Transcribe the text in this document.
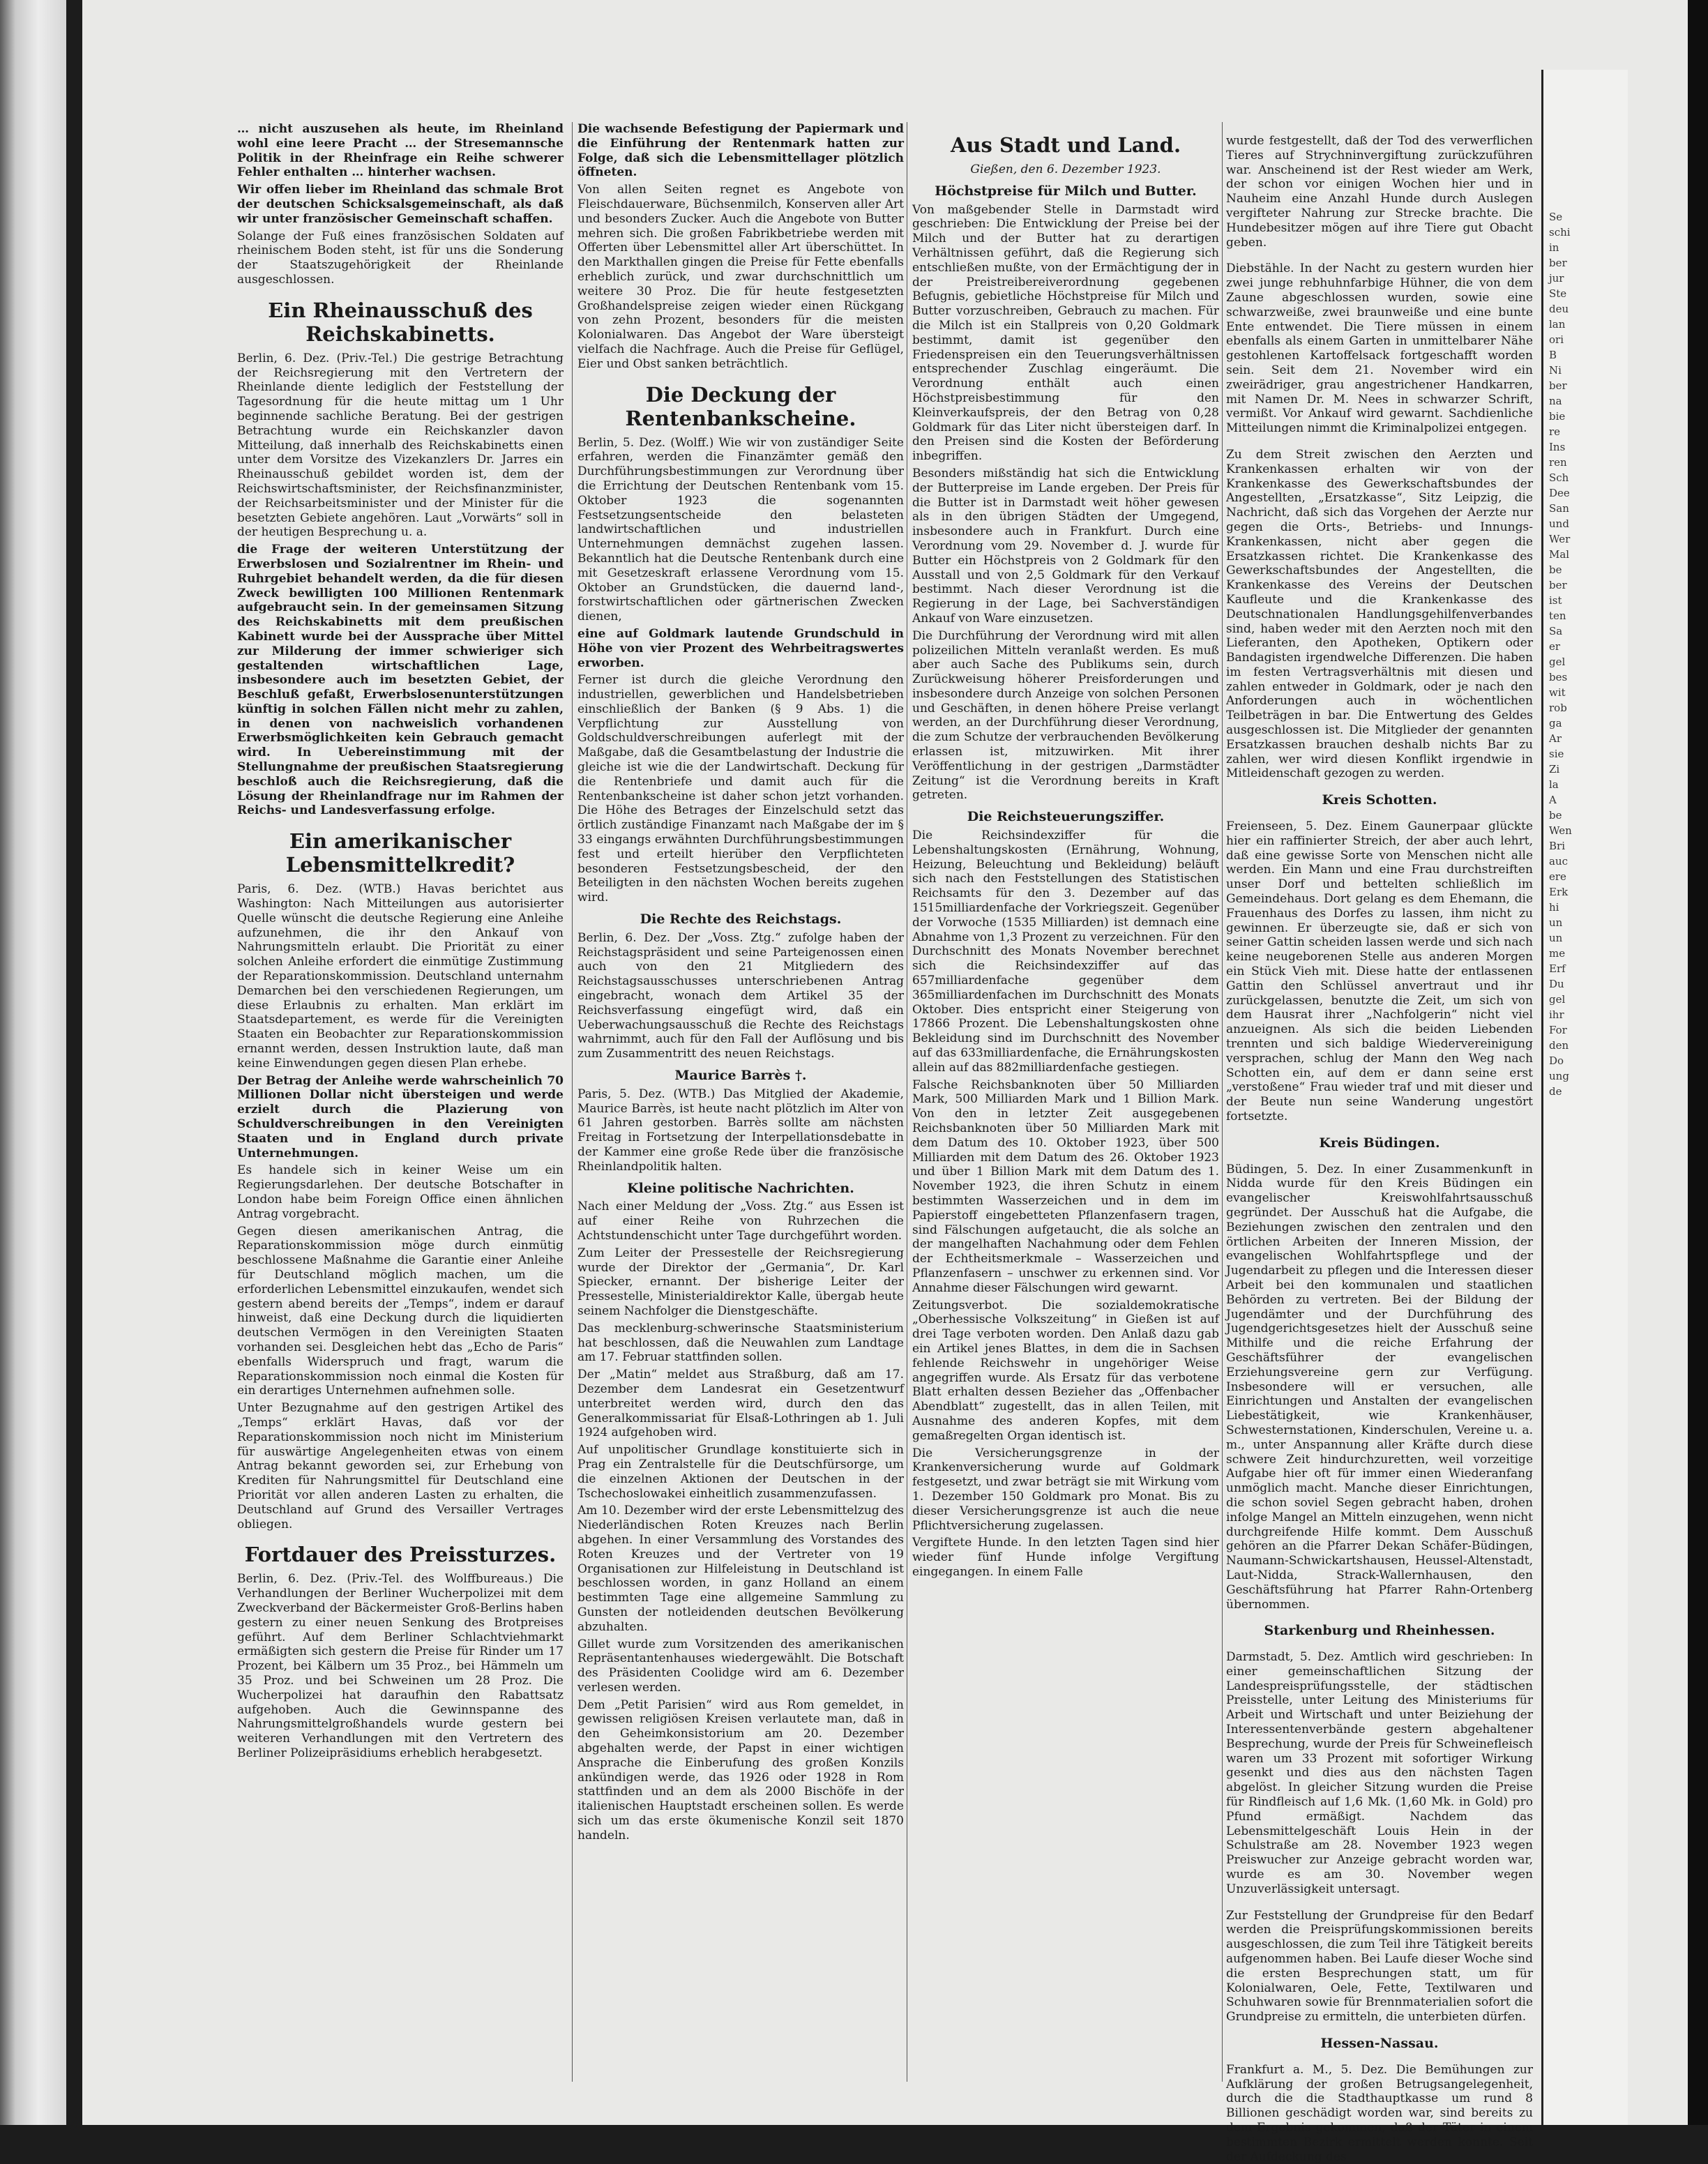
… nicht auszusehen als heute, im Rheinland wohl eine leere Pracht … der Stresemannsche Politik in der Rheinfrage ein Reihe schwerer Fehler enthalten … hinterher wachsen.

Wir offen lieber im Rheinland das schmale Brot der deutschen Schicksalsgemeinschaft, als daß wir unter französischer Gemeinschaft schaffen.

Solange der Fuß eines französischen Soldaten auf rheinischem Boden steht, ist für uns die Sonderung der Staatszugehörigkeit der Rheinlande ausgeschlossen.

Ein Rheinausschuß des Reichskabinetts.

Berlin, 6. Dez. (Priv.-Tel.) Die gestrige Betrachtung der Reichsregierung mit den Vertretern der Rheinlande diente lediglich der Feststellung der Tagesordnung für die heute mittag um 1 Uhr beginnende sachliche Beratung. Bei der gestrigen Betrachtung wurde ein Reichskanzler davon Mitteilung, daß innerhalb des Reichskabinetts einen unter dem Vorsitze des Vizekanzlers Dr. Jarres ein Rheinausschuß gebildet worden ist, dem der Reichswirtschaftsminister, der Reichsfinanzminister, der Reichsarbeitsminister und der Minister für die besetzten Gebiete angehören. Laut „Vorwärts“ soll in der heutigen Besprechung u. a.

die Frage der weiteren Unterstützung der Erwerbslosen und Sozialrentner im Rhein- und Ruhrgebiet behandelt werden, da die für diesen Zweck bewilligten 100 Millionen Rentenmark aufgebraucht sein. In der gemeinsamen Sitzung des Reichskabinetts mit dem preußischen Kabinett wurde bei der Aussprache über Mittel zur Milderung der immer schwieriger sich gestaltenden wirtschaftlichen Lage, insbesondere auch im besetzten Gebiet, der Beschluß gefaßt, Erwerbslosenunterstützungen künftig in solchen Fällen nicht mehr zu zahlen, in denen von nachweislich vorhandenen Erwerbsmöglichkeiten kein Gebrauch gemacht wird. In Uebereinstimmung mit der Stellungnahme der preußischen Staatsregierung beschloß auch die Reichsregierung, daß die Lösung der Rheinlandfrage nur im Rahmen der Reichs- und Landesverfassung erfolge.

Ein amerikanischer Lebensmittelkredit?

Paris, 6. Dez. (WTB.) Havas berichtet aus Washington: Nach Mitteilungen aus autorisierter Quelle wünscht die deutsche Regierung eine Anleihe aufzunehmen, die ihr den Ankauf von Nahrungsmitteln erlaubt. Die Priorität zu einer solchen Anleihe erfordert die einmütige Zustimmung der Reparationskommission. Deutschland unternahm Demarchen bei den verschiedenen Regierungen, um diese Erlaubnis zu erhalten. Man erklärt im Staatsdepartement, es werde für die Vereinigten Staaten ein Beobachter zur Reparationskommission ernannt werden, dessen Instruktion laute, daß man keine Einwendungen gegen diesen Plan erhebe.

Der Betrag der Anleihe werde wahrscheinlich 70 Millionen Dollar nicht übersteigen und werde erzielt durch die Plazierung von Schuldverschreibungen in den Vereinigten Staaten und in England durch private Unternehmungen.

Es handele sich in keiner Weise um ein Regierungsdarlehen. Der deutsche Botschafter in London habe beim Foreign Office einen ähnlichen Antrag vorgebracht.

Gegen diesen amerikanischen Antrag, die Reparationskommission möge durch einmütig beschlossene Maßnahme die Garantie einer Anleihe für Deutschland möglich machen, um die erforderlichen Lebensmittel einzukaufen, wendet sich gestern abend bereits der „Temps“, indem er darauf hinweist, daß eine Deckung durch die liquidierten deutschen Vermögen in den Vereinigten Staaten vorhanden sei. Desgleichen hebt das „Echo de Paris“ ebenfalls Widerspruch und fragt, warum die Reparationskommission noch einmal die Kosten für ein derartiges Unternehmen aufnehmen solle.

Unter Bezugnahme auf den gestrigen Artikel des „Temps“ erklärt Havas, daß vor der Reparationskommission noch nicht im Ministerium für auswärtige Angelegenheiten etwas von einem Antrag bekannt geworden sei, zur Erhebung von Krediten für Nahrungsmittel für Deutschland eine Priorität vor allen anderen Lasten zu erhalten, die Deutschland auf Grund des Versailler Vertrages obliegen.

Fortdauer des Preissturzes.

Berlin, 6. Dez. (Priv.-Tel. des Wolffbureaus.) Die Verhandlungen der Berliner Wucherpolizei mit dem Zweckverband der Bäckermeister Groß-Berlins haben gestern zu einer neuen Senkung des Brotpreises geführt. Auf dem Berliner Schlachtviehmarkt ermäßigten sich gestern die Preise für Rinder um 17 Prozent, bei Kälbern um 35 Proz., bei Hämmeln um 35 Proz. und bei Schweinen um 28 Proz. Die Wucherpolizei hat daraufhin den Rabattsatz aufgehoben. Auch die Gewinnspanne des Nahrungsmittelgroßhandels wurde gestern bei weiteren Verhandlungen mit den Vertretern des Berliner Polizeipräsidiums erheblich herabgesetzt.

Die wachsende Befestigung der Papiermark und die Einführung der Rentenmark hatten zur Folge, daß sich die Lebensmittellager plötzlich öffneten.

Von allen Seiten regnet es Angebote von Fleischdauerware, Büchsenmilch, Konserven aller Art und besonders Zucker. Auch die Angebote von Butter mehren sich. Die großen Fabrikbetriebe werden mit Offerten über Lebensmittel aller Art überschüttet. In den Markthallen gingen die Preise für Fette ebenfalls erheblich zurück, und zwar durchschnittlich um weitere 30 Proz. Die für heute festgesetzten Großhandelspreise zeigen wieder einen Rückgang von zehn Prozent, besonders für die meisten Kolonialwaren. Das Angebot der Ware übersteigt vielfach die Nachfrage. Auch die Preise für Geflügel, Eier und Obst sanken beträchtlich.

Die Deckung der Rentenbankscheine.

Berlin, 5. Dez. (Wolff.) Wie wir von zuständiger Seite erfahren, werden die Finanzämter gemäß den Durchführungsbestimmungen zur Verordnung über die Errichtung der Deutschen Rentenbank vom 15. Oktober 1923 die sogenannten Festsetzungsentscheide den belasteten landwirtschaftlichen und industriellen Unternehmungen demnächst zugehen lassen. Bekanntlich hat die Deutsche Rentenbank durch eine mit Gesetzeskraft erlassene Verordnung vom 15. Oktober an Grundstücken, die dauernd land-, forstwirtschaftlichen oder gärtnerischen Zwecken dienen,

eine auf Goldmark lautende Grundschuld in Höhe von vier Prozent des Wehrbeitragswertes erworben.

Ferner ist durch die gleiche Verordnung den industriellen, gewerblichen und Handelsbetrieben einschließlich der Banken (§ 9 Abs. 1) die Verpflichtung zur Ausstellung von Goldschuldverschreibungen auferlegt mit der Maßgabe, daß die Gesamtbelastung der Industrie die gleiche ist wie die der Landwirtschaft. Deckung für die Rentenbriefe und damit auch für die Rentenbankscheine ist daher schon jetzt vorhanden. Die Höhe des Betrages der Einzelschuld setzt das örtlich zuständige Finanzamt nach Maßgabe der im § 33 eingangs erwähnten Durchführungsbestimmungen fest und erteilt hierüber den Verpflichteten besonderen Festsetzungsbescheid, der den Beteiligten in den nächsten Wochen bereits zugehen wird.

Die Rechte des Reichstags.

Berlin, 6. Dez. Der „Voss. Ztg.“ zufolge haben der Reichstagspräsident und seine Parteigenossen einen auch von den 21 Mitgliedern des Reichstagsausschusses unterschriebenen Antrag eingebracht, wonach dem Artikel 35 der Reichsverfassung eingefügt wird, daß ein Ueberwachungsausschuß die Rechte des Reichstags wahrnimmt, auch für den Fall der Auflösung und bis zum Zusammentritt des neuen Reichstags.

Maurice Barrès †.

Paris, 5. Dez. (WTB.) Das Mitglied der Akademie, Maurice Barrès, ist heute nacht plötzlich im Alter von 61 Jahren gestorben. Barrès sollte am nächsten Freitag in Fortsetzung der Interpellationsdebatte in der Kammer eine große Rede über die französische Rheinlandpolitik halten.

Kleine politische Nachrichten.

Nach einer Meldung der „Voss. Ztg.“ aus Essen ist auf einer Reihe von Ruhrzechen die Achtstundenschicht unter Tage durchgeführt worden.

Zum Leiter der Pressestelle der Reichsregierung wurde der Direktor der „Germania“, Dr. Karl Spiecker, ernannt. Der bisherige Leiter der Pressestelle, Ministerialdirektor Kalle, übergab heute seinem Nachfolger die Dienstgeschäfte.

Das mecklenburg-schwerinsche Staatsministerium hat beschlossen, daß die Neuwahlen zum Landtage am 17. Februar stattfinden sollen.

Der „Matin“ meldet aus Straßburg, daß am 17. Dezember dem Landesrat ein Gesetzentwurf unterbreitet werden wird, durch den das Generalkommissariat für Elsaß-Lothringen ab 1. Juli 1924 aufgehoben wird.

Auf unpolitischer Grundlage konstituierte sich in Prag ein Zentralstelle für die Deutschfürsorge, um die einzelnen Aktionen der Deutschen in der Tschechoslowakei einheitlich zusammenzufassen.

Am 10. Dezember wird der erste Lebensmittelzug des Niederländischen Roten Kreuzes nach Berlin abgehen. In einer Versammlung des Vorstandes des Roten Kreuzes und der Vertreter von 19 Organisationen zur Hilfeleistung in Deutschland ist beschlossen worden, in ganz Holland an einem bestimmten Tage eine allgemeine Sammlung zu Gunsten der notleidenden deutschen Bevölkerung abzuhalten.

Gillet wurde zum Vorsitzenden des amerikanischen Repräsentantenhauses wiedergewählt. Die Botschaft des Präsidenten Coolidge wird am 6. Dezember verlesen werden.

Dem „Petit Parisien“ wird aus Rom gemeldet, in gewissen religiösen Kreisen verlautete man, daß in den Geheimkonsistorium am 20. Dezember abgehalten werde, der Papst in einer wichtigen Ansprache die Einberufung des großen Konzils ankündigen werde, das 1926 oder 1928 in Rom stattfinden und an dem als 2000 Bischöfe in der italienischen Hauptstadt erscheinen sollen. Es werde sich um das erste ökumenische Konzil seit 1870 handeln.

Aus Stadt und Land.

Gießen, den 6. Dezember 1923.

Höchstpreise für Milch und Butter.

Von maßgebender Stelle in Darmstadt wird geschrieben: Die Entwicklung der Preise bei der Milch und der Butter hat zu derartigen Verhältnissen geführt, daß die Regierung sich entschließen mußte, von der Ermächtigung der in der Preistreibereiverordnung gegebenen Befugnis, gebietliche Höchstpreise für Milch und Butter vorzuschreiben, Gebrauch zu machen. Für die Milch ist ein Stallpreis von 0,20 Goldmark bestimmt, damit ist gegenüber den Friedenspreisen ein den Teuerungsverhältnissen entsprechender Zuschlag eingeräumt. Die Verordnung enthält auch einen Höchstpreisbestimmung für den Kleinverkaufspreis, der den Betrag von 0,28 Goldmark für das Liter nicht übersteigen darf. In den Preisen sind die Kosten der Beförderung inbegriffen.

Besonders mißständig hat sich die Entwicklung der Butterpreise im Lande ergeben. Der Preis für die Butter ist in Darmstadt weit höher gewesen als in den übrigen Städten der Umgegend, insbesondere auch in Frankfurt. Durch eine Verordnung vom 29. November d. J. wurde für Butter ein Höchstpreis von 2 Goldmark für den Ausstall und von 2,5 Goldmark für den Verkauf bestimmt. Nach dieser Verordnung ist die Regierung in der Lage, bei Sachverständigen Ankauf von Ware einzusetzen.

Die Durchführung der Verordnung wird mit allen polizeilichen Mitteln veranlaßt werden. Es muß aber auch Sache des Publikums sein, durch Zurückweisung höherer Preisforderungen und insbesondere durch Anzeige von solchen Personen und Geschäften, in denen höhere Preise verlangt werden, an der Durchführung dieser Verordnung, die zum Schutze der verbrauchenden Bevölkerung erlassen ist, mitzuwirken. Mit ihrer Veröffentlichung in der gestrigen „Darmstädter Zeitung“ ist die Verordnung bereits in Kraft getreten.

Die Reichsteuerungsziffer.

Die Reichsindexziffer für die Lebenshaltungskosten (Ernährung, Wohnung, Heizung, Beleuchtung und Bekleidung) beläuft sich nach den Feststellungen des Statistischen Reichsamts für den 3. Dezember auf das 1515milliardenfache der Vorkriegszeit. Gegenüber der Vorwoche (1535 Milliarden) ist demnach eine Abnahme von 1,3 Prozent zu verzeichnen. Für den Durchschnitt des Monats November berechnet sich die Reichsindexziffer auf das 657milliardenfache gegenüber dem 365milliardenfachen im Durchschnitt des Monats Oktober. Dies entspricht einer Steigerung von 17866 Prozent. Die Lebenshaltungskosten ohne Bekleidung sind im Durchschnitt des November auf das 633milliardenfache, die Ernährungskosten allein auf das 882milliardenfache gestiegen.

Falsche Reichsbanknoten über 50 Milliarden Mark, 500 Milliarden Mark und 1 Billion Mark. Von den in letzter Zeit ausgegebenen Reichsbanknoten über 50 Milliarden Mark mit dem Datum des 10. Oktober 1923, über 500 Milliarden mit dem Datum des 26. Oktober 1923 und über 1 Billion Mark mit dem Datum des 1. November 1923, die ihren Schutz in einem bestimmten Wasserzeichen und in dem im Papierstoff eingebetteten Pflanzenfasern tragen, sind Fälschungen aufgetaucht, die als solche an der mangelhaften Nachahmung oder dem Fehlen der Echtheitsmerkmale – Wasserzeichen und Pflanzenfasern – unschwer zu erkennen sind. Vor Annahme dieser Fälschungen wird gewarnt.

Zeitungsverbot. Die sozialdemokratische „Oberhessische Volkszeitung“ in Gießen ist auf drei Tage verboten worden. Den Anlaß dazu gab ein Artikel jenes Blattes, in dem die in Sachsen fehlende Reichswehr in ungehöriger Weise angegriffen wurde. Als Ersatz für das verbotene Blatt erhalten dessen Bezieher das „Offenbacher Abendblatt“ zugestellt, das in allen Teilen, mit Ausnahme des anderen Kopfes, mit dem gemaßregelten Organ identisch ist.

Die Versicherungsgrenze in der Krankenversicherung wurde auf Goldmark festgesetzt, und zwar beträgt sie mit Wirkung vom 1. Dezember 150 Goldmark pro Monat. Bis zu dieser Versicherungsgrenze ist auch die neue Pflichtversicherung zugelassen.

Vergiftete Hunde. In den letzten Tagen sind hier wieder fünf Hunde infolge Vergiftung eingegangen. In einem Falle

wurde festgestellt, daß der Tod des verwerflichen Tieres auf Strychninvergiftung zurückzuführen war. Anscheinend ist der Rest wieder am Werk, der schon vor einigen Wochen hier und in Nauheim eine Anzahl Hunde durch Auslegen vergifteter Nahrung zur Strecke brachte. Die Hundebesitzer mögen auf ihre Tiere gut Obacht geben.

Diebstähle. In der Nacht zu gestern wurden hier zwei junge rebhuhnfarbige Hühner, die von dem Zaune abgeschlossen wurden, sowie eine schwarzweiße, zwei braunweiße und eine bunte Ente entwendet. Die Tiere müssen in einem ebenfalls als einem Garten in unmittelbarer Nähe gestohlenen Kartoffelsack fortgeschafft worden sein. Seit dem 21. November wird ein zweirädriger, grau angestrichener Handkarren, mit Namen Dr. M. Nees in schwarzer Schrift, vermißt. Vor Ankauf wird gewarnt. Sachdienliche Mitteilungen nimmt die Kriminalpolizei entgegen.

Zu dem Streit zwischen den Aerzten und Krankenkassen erhalten wir von der Krankenkasse des Gewerkschaftsbundes der Angestellten, „Ersatzkasse“, Sitz Leipzig, die Nachricht, daß sich das Vorgehen der Aerzte nur gegen die Orts-, Betriebs- und Innungs-Krankenkassen, nicht aber gegen die Ersatzkassen richtet. Die Krankenkasse des Gewerkschaftsbundes der Angestellten, die Krankenkasse des Vereins der Deutschen Kaufleute und die Krankenkasse des Deutschnationalen Handlungsgehilfenverbandes sind, haben weder mit den Aerzten noch mit den Lieferanten, den Apotheken, Optikern oder Bandagisten irgendwelche Differenzen. Die haben im festen Vertragsverhältnis mit diesen und zahlen entweder in Goldmark, oder je nach den Anforderungen auch in wöchentlichen Teilbeträgen in bar. Die Entwertung des Geldes ausgeschlossen ist. Die Mitglieder der genannten Ersatzkassen brauchen deshalb nichts Bar zu zahlen, wer wird diesen Konflikt irgendwie in Mitleidenschaft gezogen zu werden.

Kreis Schotten.

Freienseen, 5. Dez. Einem Gaunerpaar glückte hier ein raffinierter Streich, der aber auch lehrt, daß eine gewisse Sorte von Menschen nicht alle werden. Ein Mann und eine Frau durchstreiften unser Dorf und bettelten schließlich im Gemeindehaus. Dort gelang es dem Ehemann, die Frauenhaus des Dorfes zu lassen, ihm nicht zu gewinnen. Er überzeugte sie, daß er sich von seiner Gattin scheiden lassen werde und sich nach keine neugeborenen Stelle aus anderen Morgen ein Stück Vieh mit. Diese hatte der entlassenen Gattin den Schlüssel anvertraut und ihr zurückgelassen, benutzte die Zeit, um sich von dem Hausrat ihrer „Nachfolgerin“ nicht viel anzueignen. Als sich die beiden Liebenden trennten und sich baldige Wiedervereinigung versprachen, schlug der Mann den Weg nach Schotten ein, auf dem er dann seine erst „verstoßene“ Frau wieder traf und mit dieser und der Beute nun seine Wanderung ungestört fortsetzte.

Kreis Büdingen.

Büdingen, 5. Dez. In einer Zusammenkunft in Nidda wurde für den Kreis Büdingen ein evangelischer Kreiswohlfahrtsausschuß gegründet. Der Ausschuß hat die Aufgabe, die Beziehungen zwischen den zentralen und den örtlichen Arbeiten der Inneren Mission, der evangelischen Wohlfahrtspflege und der Jugendarbeit zu pflegen und die Interessen dieser Arbeit bei den kommunalen und staatlichen Behörden zu vertreten. Bei der Bildung der Jugendämter und der Durchführung des Jugendgerichtsgesetzes hielt der Ausschuß seine Mithilfe und die reiche Erfahrung der Geschäftsführer der evangelischen Erziehungsvereine gern zur Verfügung. Insbesondere will er versuchen, alle Einrichtungen und Anstalten der evangelischen Liebestätigkeit, wie Krankenhäuser, Schwesternstationen, Kinderschulen, Vereine u. a. m., unter Anspannung aller Kräfte durch diese schwere Zeit hindurchzuretten, weil vorzeitige Aufgabe hier oft für immer einen Wiederanfang unmöglich macht. Manche dieser Einrichtungen, die schon soviel Segen gebracht haben, drohen infolge Mangel an Mitteln einzugehen, wenn nicht durchgreifende Hilfe kommt. Dem Ausschuß gehören an die Pfarrer Dekan Schäfer-Büdingen, Naumann-Schwickartshausen, Heussel-Altenstadt, Laut-Nidda, Strack-Wallernhausen, den Geschäftsführung hat Pfarrer Rahn-Ortenberg übernommen.

Starkenburg und Rheinhessen.

Darmstadt, 5. Dez. Amtlich wird geschrieben: In einer gemeinschaftlichen Sitzung der Landespreisprüfungsstelle, der städtischen Preisstelle, unter Leitung des Ministeriums für Arbeit und Wirtschaft und unter Beiziehung der Interessentenverbände gestern abgehaltener Besprechung, wurde der Preis für Schweinefleisch waren um 33 Prozent mit sofortiger Wirkung gesenkt und dies aus den nächsten Tagen abgelöst. In gleicher Sitzung wurden die Preise für Rindfleisch auf 1,6 Mk. (1,60 Mk. in Gold) pro Pfund ermäßigt. Nachdem das Lebensmittelgeschäft Louis Hein in der Schulstraße am 28. November 1923 wegen Preiswucher zur Anzeige gebracht worden war, wurde es am 30. November wegen Unzuverlässigkeit untersagt.

Zur Feststellung der Grundpreise für den Bedarf werden die Preisprüfungskommissionen bereits ausgeschlossen, die zum Teil ihre Tätigkeit bereits aufgenommen haben. Bei Laufe dieser Woche sind die ersten Besprechungen statt, um für Kolonialwaren, Oele, Fette, Textilwaren und Schuhwaren sowie für Brennmaterialien sofort die Grundpreise zu ermitteln, die unterbieten dürfen.

Hessen-Nassau.

Frankfurt a. M., 5. Dez. Die Bemühungen zur Aufklärung der großen Betrugsangelegenheit, durch die die Stadthauptkasse um rund 8 Billionen geschädigt worden war, sind bereits zu dem Ergebnis gekommen, daß der Täter in einem bestimmten Bezirk ermittelt werden konnte. Seit der Aufdeckung des

Se
schi
in
ber
jur
Ste
deu
lan
ori
B
Ni
ber
na
bie
re
Ins
ren
Sch
Dee
San
und
Wer
Mal
be
ber
ist
ten
Sa
er
gel
bes
wit
rob
ga
Ar
sie
Zi
la
A
be
Wen
Bri
auc
ere
Erk
hi
un
un
me
Erf
Du
gel
ihr
For
den
Do
ung
de
